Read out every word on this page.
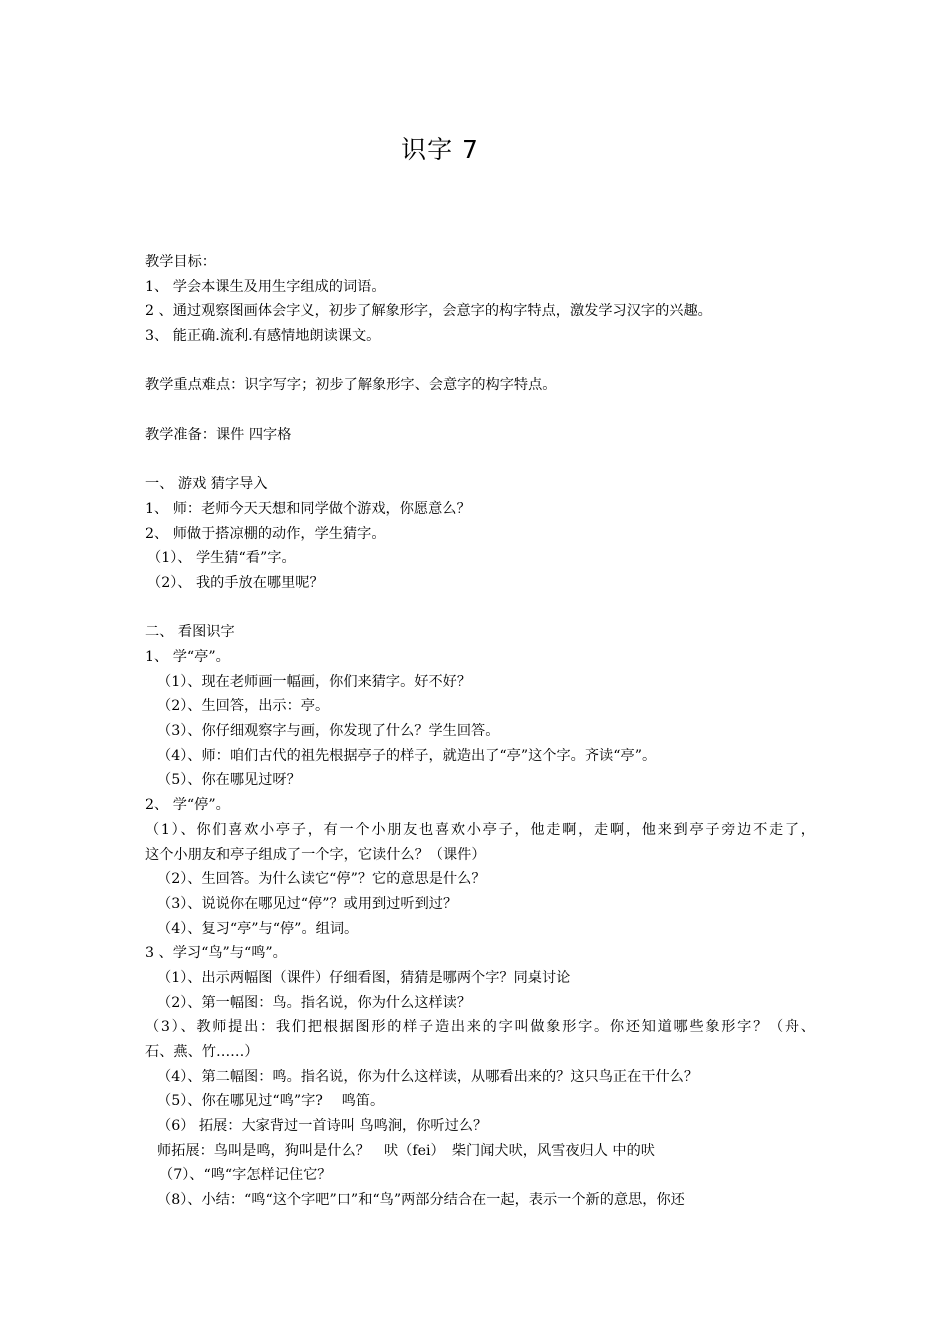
识字 7
教学目标：
1、 学会本课生及用生字组成的词语。
2 、通过观察图画体会字义，初步了解象形字，会意字的构字特点，激发学习汉字的兴趣。
3、 能正确.流利.有感情地朗读课文。
教学重点难点：识字写字；初步了解象形字、会意字的构字特点。
教学准备：课件 四字格
一、 游戏 猜字导入
1、 师：老师今天天想和同学做个游戏，你愿意么？
2、 师做于搭凉棚的动作，学生猜字。
（1）、 学生猜“看”字。
（2）、 我的手放在哪里呢？
二、 看图识字
1、 学“亭”。
（1）、现在老师画一幅画，你们来猜字。好不好？
（2）、生回答，出示：亭。
（3）、你仔细观察字与画，你发现了什么？学生回答。
（4）、师：咱们古代的祖先根据亭子的样子，就造出了“亭”这个字。齐读“亭”。
（5）、你在哪见过呀？
2、 学“停”。
（1）、你们喜欢小亭子，有一个小朋友也喜欢小亭子，他走啊，走啊，他来到亭子旁边不走了，
这个小朋友和亭子组成了一个字，它读什么？（课件）
（2）、生回答。为什么读它“停”？它的意思是什么？
（3）、说说你在哪见过“停”？或用到过听到过？
（4）、复习“亭”与“停”。组词。
3 、学习“鸟”与“鸣”。
（1）、出示两幅图（课件）仔细看图，猜猜是哪两个字？同桌讨论
（2）、第一幅图：鸟。指名说，你为什么这样读？
（3）、教师提出：我们把根据图形的样子造出来的字叫做象形字。你还知道哪些象形字？（舟、
石、燕、竹……）
（4）、第二幅图：鸣。指名说，你为什么这样读，从哪看出来的？这只鸟正在干什么？
（5）、你在哪见过“鸣”字?　 鸣笛。
（6） 拓展：大家背过一首诗叫 鸟鸣涧，你听过么？
师拓展：鸟叫是鸣，狗叫是什么？　吠（fei）　柴门闻犬吠，风雪夜归人 中的吠
（7）、“鸣“字怎样记住它？
（8）、小结：“鸣“这个字吧”口”和“鸟”两部分结合在一起，表示一个新的意思，你还
